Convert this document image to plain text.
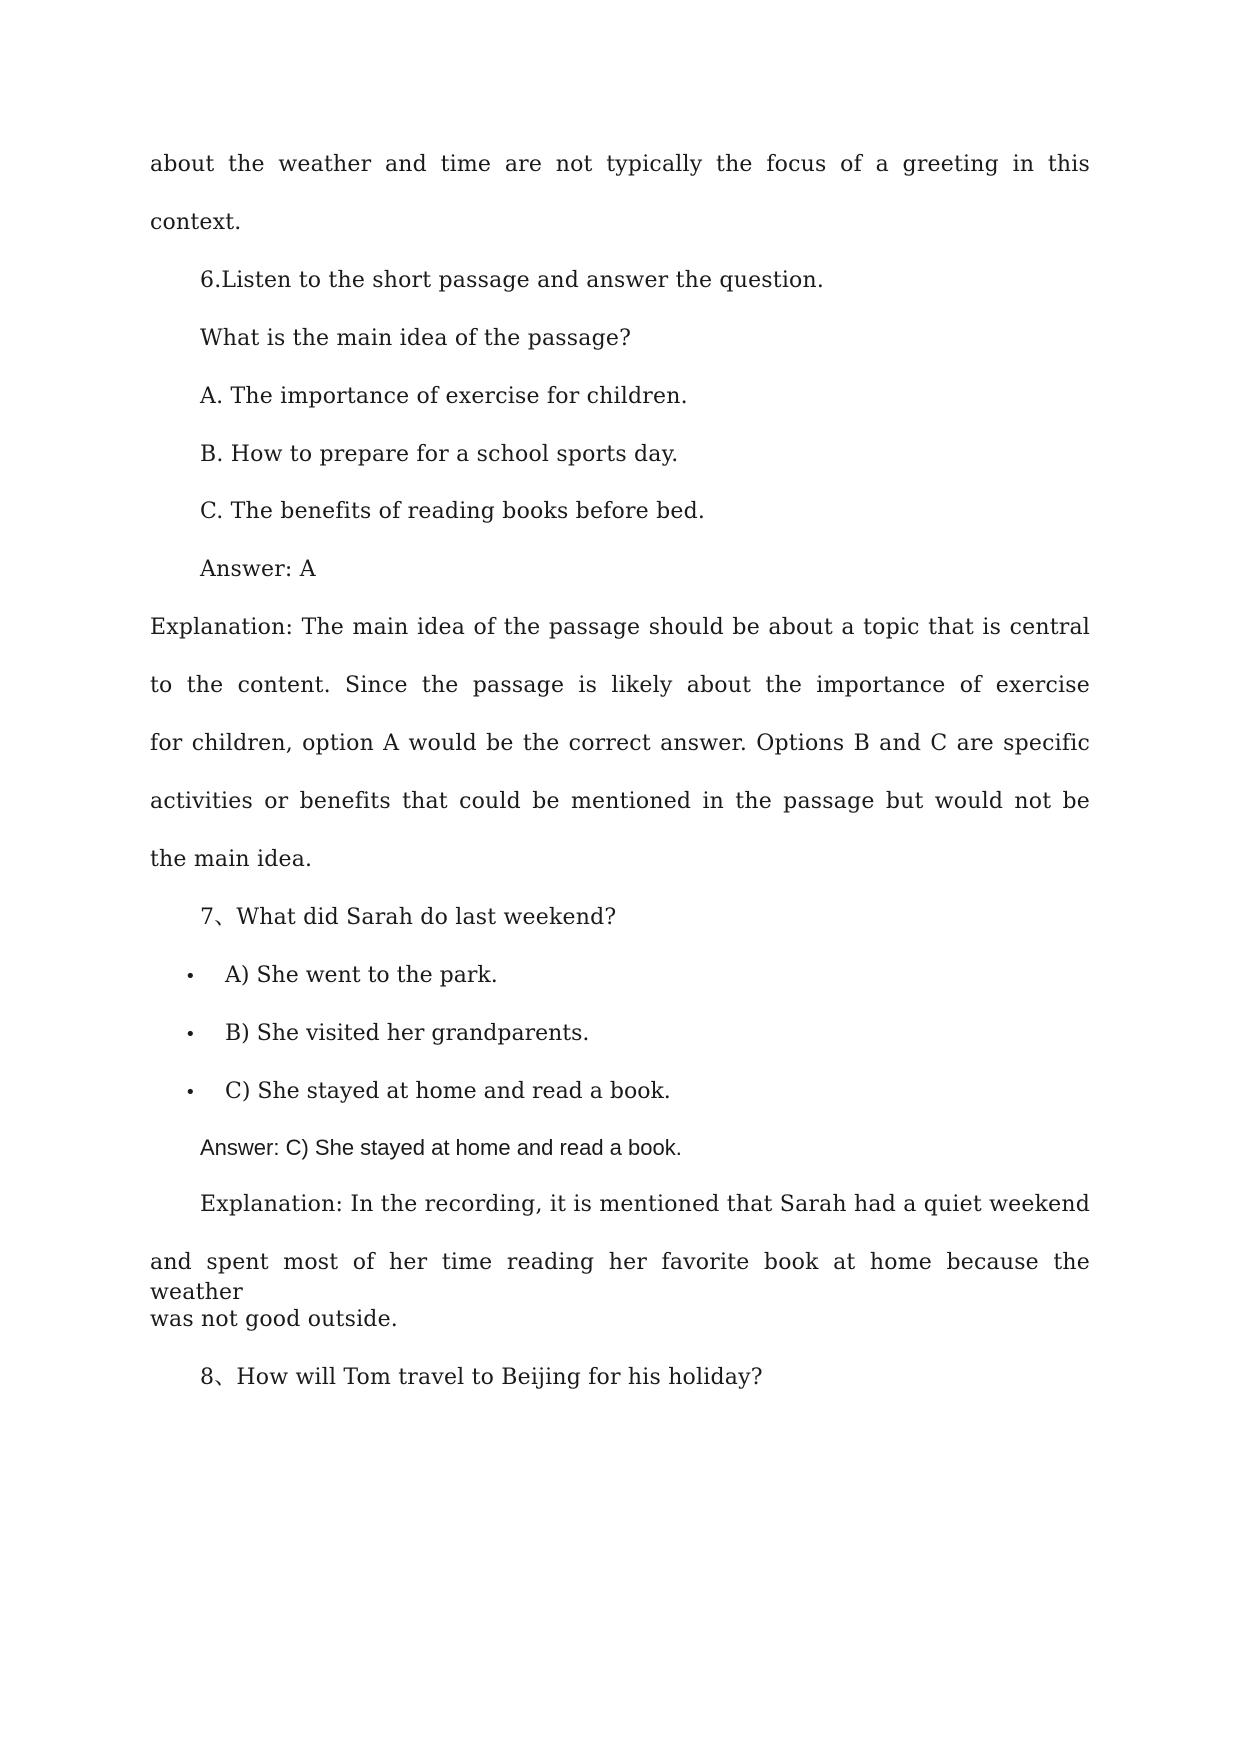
about the weather and time are not typically the focus of a greeting in this
context.
6.Listen to the short passage and answer the question.
What is the main idea of the passage?
A. The importance of exercise for children.
B. How to prepare for a school sports day.
C. The benefits of reading books before bed.
Answer: A
Explanation: The main idea of the passage should be about a topic that is central
to the content. Since the passage is likely about the importance of exercise
for children, option A would be the correct answer. Options B and C are specific
activities or benefits that could be mentioned in the passage but would not be
the main idea.
7、What did Sarah do last weekend?
• A) She went to the park.
• B) She visited her grandparents.
• C) She stayed at home and read a book.
Answer: C) She stayed at home and read a book.
Explanation: In the recording, it is mentioned that Sarah had a quiet weekend
and spent most of her time reading her favorite book at home because the weather
was not good outside.
8、How will Tom travel to Beijing for his holiday?
